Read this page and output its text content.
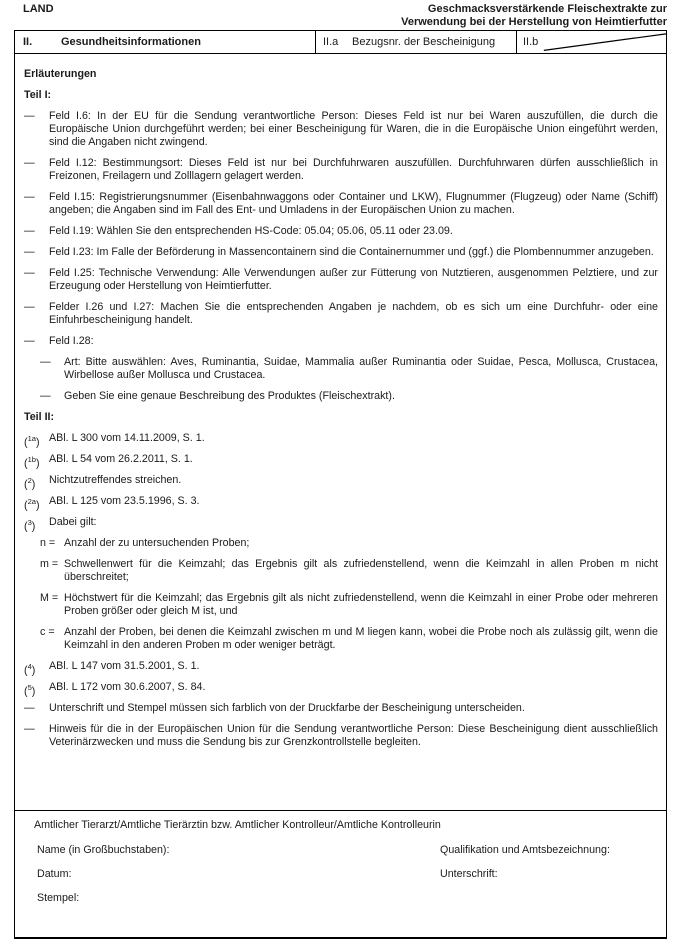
LAND	Geschmacksverstärkende Fleischextrakte zur
Verwendung bei der Herstellung von Heimtierfutter
II.	Gesundheitsinformationen	II.a	Bezugsnr. der Bescheinigung	II.b
Erläuterungen
Teil I:
— Feld I.6: In der EU für die Sendung verantwortliche Person: Dieses Feld ist nur bei Waren auszufüllen, die durch die Europäische Union durchgeführt werden; bei einer Bescheinigung für Waren, die in die Europäische Union eingeführt werden, sind die Angaben nicht zwingend.
— Feld I.12: Bestimmungsort: Dieses Feld ist nur bei Durchfuhrwaren auszufüllen. Durchfuhrwaren dürfen ausschließlich in Freizonen, Freilagern und Zolllagern gelagert werden.
— Feld I.15: Registrierungsnummer (Eisenbahnwaggons oder Container und LKW), Flugnummer (Flugzeug) oder Name (Schiff) angeben; die Angaben sind im Fall des Ent- und Umladens in der Europäischen Union zu machen.
— Feld I.19: Wählen Sie den entsprechenden HS-Code: 05.04; 05.06, 05.11 oder 23.09.
— Feld I.23: Im Falle der Beförderung in Massencontainern sind die Containernummer und (ggf.) die Plombennummer anzugeben.
— Feld I.25: Technische Verwendung: Alle Verwendungen außer zur Fütterung von Nutztieren, ausgenommen Pelztiere, und zur Erzeugung oder Herstellung von Heimtierfutter.
— Felder I.26 und I.27: Machen Sie die entsprechenden Angaben je nachdem, ob es sich um eine Durchfuhr- oder eine Einfuhrbescheinigung handelt.
— Feld I.28:
— Art: Bitte auswählen: Aves, Ruminantia, Suidae, Mammalia außer Ruminantia oder Suidae, Pesca, Mollusca, Crustacea, Wirbellose außer Mollusca und Crustacea.
— Geben Sie eine genaue Beschreibung des Produktes (Fleischextrakt).
Teil II:
($^{1a}$) ABl. L 300 vom 14.11.2009, S. 1.
($^{1b}$) ABl. L 54 vom 26.2.2011, S. 1.
($^2$) Nichtzutreffendes streichen.
($^{2a}$) ABl. L 125 vom 23.5.1996, S. 3.
($^3$) Dabei gilt:
n = Anzahl der zu untersuchenden Proben;
m = Schwellenwert für die Keimzahl; das Ergebnis gilt als zufriedenstellend, wenn die Keimzahl in allen Proben m nicht überschreitet;
M = Höchstwert für die Keimzahl; das Ergebnis gilt als nicht zufriedenstellend, wenn die Keimzahl in einer Probe oder mehreren Proben größer oder gleich M ist, und
c = Anzahl der Proben, bei denen die Keimzahl zwischen m und M liegen kann, wobei die Probe noch als zulässig gilt, wenn die Keimzahl in den anderen Proben m oder weniger beträgt.
($^4$) ABl. L 147 vom 31.5.2001, S. 1.
($^5$) ABl. L 172 vom 30.6.2007, S. 84.
— Unterschrift und Stempel müssen sich farblich von der Druckfarbe der Bescheinigung unterscheiden.
— Hinweis für die in der Europäischen Union für die Sendung verantwortliche Person: Diese Bescheinigung dient ausschließlich Veterinärzwecken und muss die Sendung bis zur Grenzkontrollstelle begleiten.
Amtlicher Tierarzt/Amtliche Tierärztin bzw. Amtlicher Kontrolleur/Amtliche Kontrolleurin
Name (in Großbuchstaben):	Qualifikation und Amtsbezeichnung:
Datum:	Unterschrift:
Stempel:
